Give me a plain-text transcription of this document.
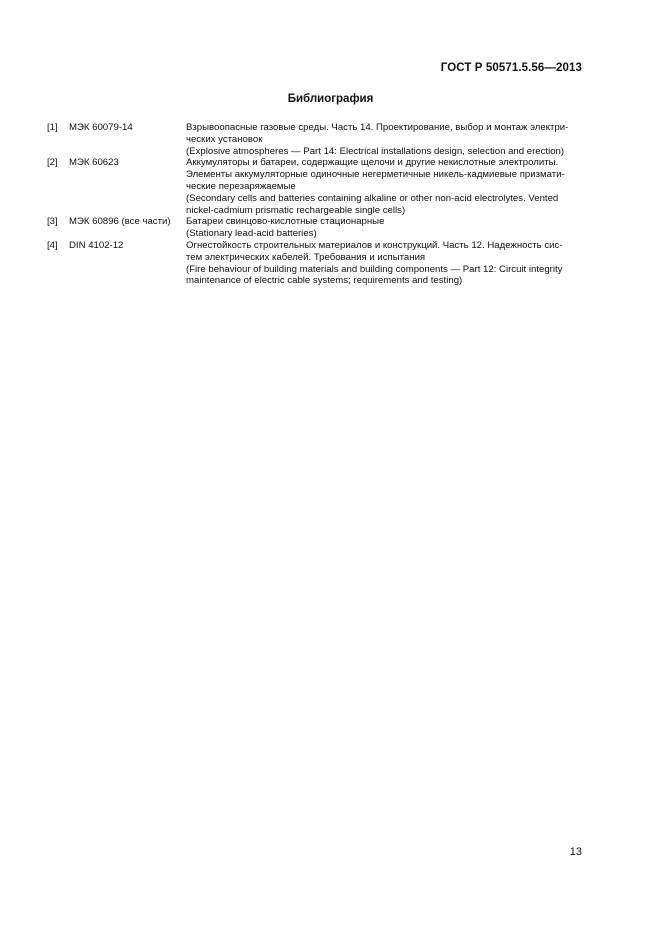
ГОСТ Р 50571.5.56—2013
Библиография
[1]	МЭК 60079-14	Взрывоопасные газовые среды. Часть 14. Проектирование, выбор и монтаж электри-
ческих установок
(Explosive atmospheres — Part 14: Electrical installations design, selection and erection)
[2]	МЭК 60623	Аккумуляторы и батареи, содержащие щелочи и другие некислотные электролиты.
Элементы аккумуляторные одиночные негерметичные никель-кадмиевые призмати-
ческие перезаряжаемые
(Secondary cells and batteries containing alkaline or other non-acid electrolytes. Vented
nickel-cadmium prismatic rechargeable single cells)
[3]	МЭК 60896 (все части)	Батареи свинцово-кислотные стационарные
(Stationary lead-acid batteries)
[4]	DIN 4102-12	Огнестойкость строительных материалов и конструкций. Часть 12. Надежность сис-
тем электрических кабелей. Требования и испытания
(Fire behaviour of building materials and building components — Part 12: Circuit integrity
maintenance of electric cable systems; requirements and testing)
13
